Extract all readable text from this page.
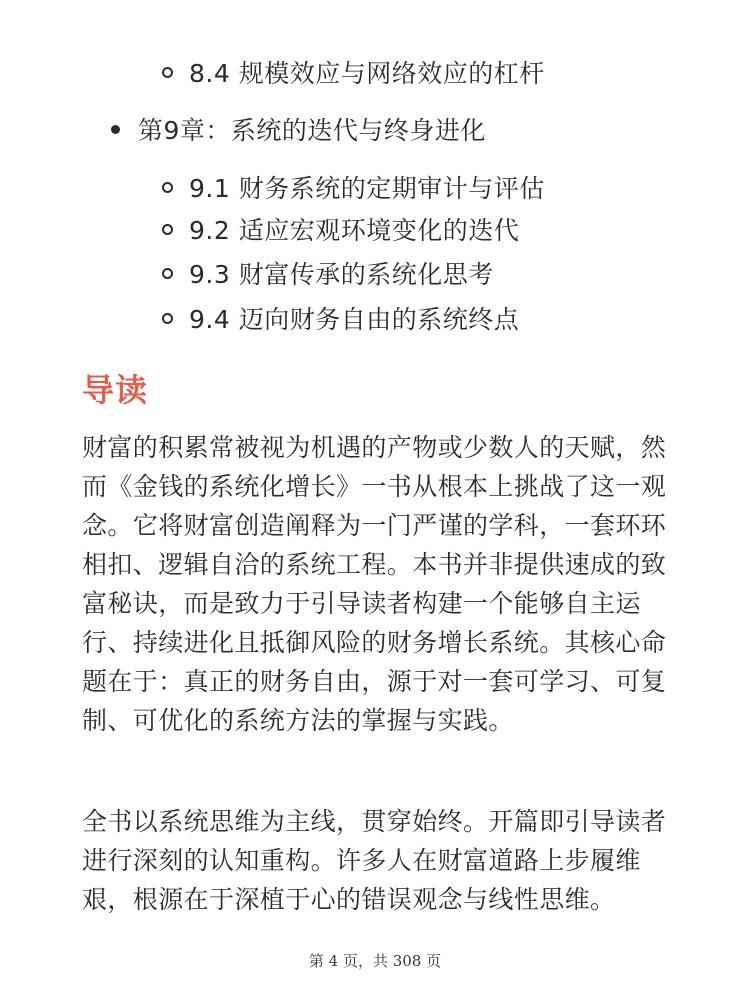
8.4 规模效应与网络效应的杠杆
第9章：系统的迭代与终身进化
9.1 财务系统的定期审计与评估
9.2 适应宏观环境变化的迭代
9.3 财富传承的系统化思考
9.4 迈向财务自由的系统终点
导读

财富的积累常被视为机遇的产物或少数人的天赋，然而《金钱的系统化增长》一书从根本上挑战了这一观念。它将财富创造阐释为一门严谨的学科，一套环环相扣、逻辑自洽的系统工程。本书并非提供速成的致富秘诀，而是致力于引导读者构建一个能够自主运行、持续进化且抵御风险的财务增长系统。其核心命题在于：真正的财务自由，源于对一套可学习、可复制、可优化的系统方法的掌握与实践。

全书以系统思维为主线，贯穿始终。开篇即引导读者进行深刻的认知重构。许多人在财富道路上步履维艰，根源在于深植于心的错误观念与线性思维。

第 4 页，共 308 页
